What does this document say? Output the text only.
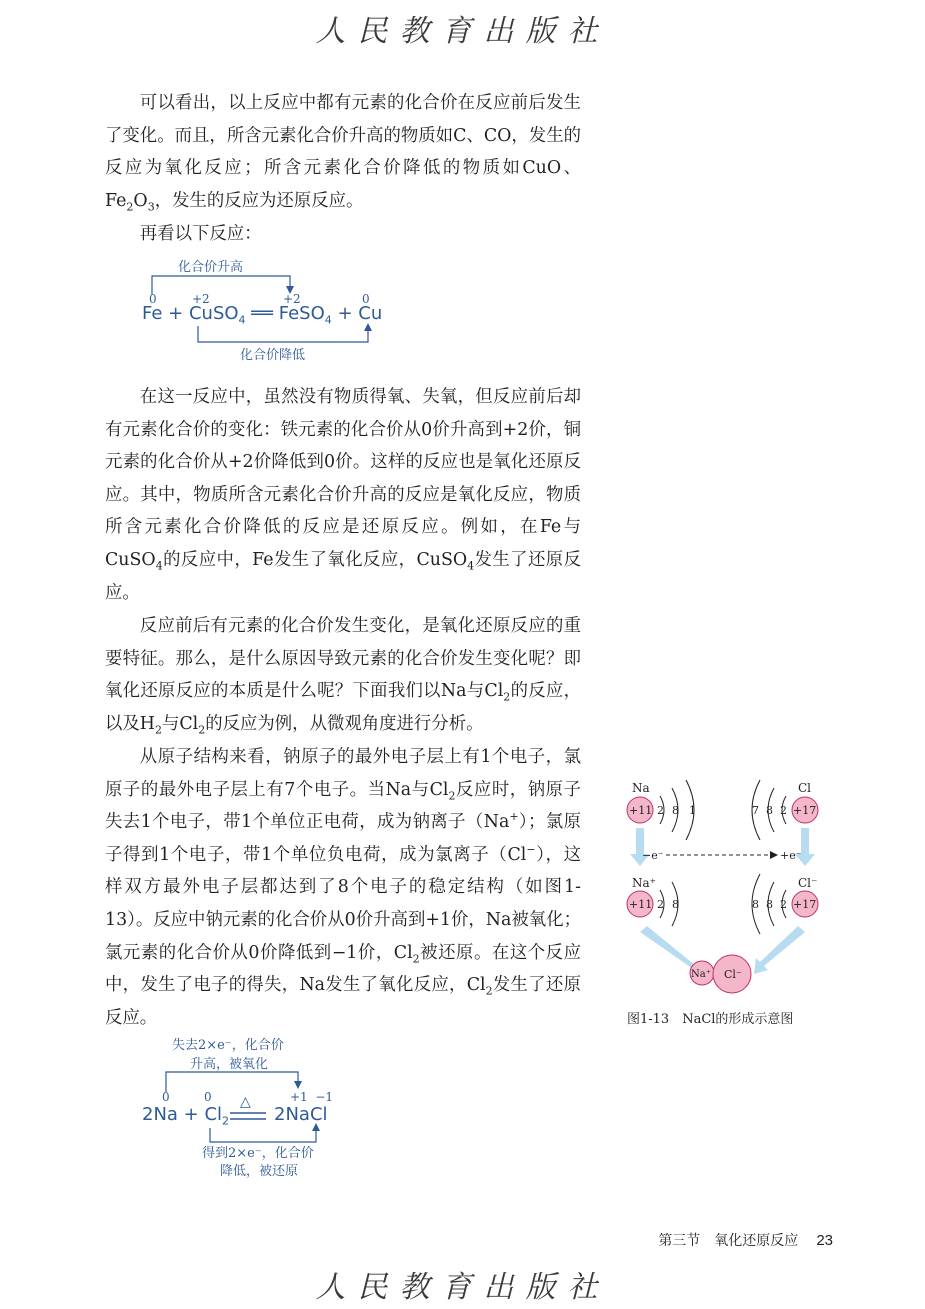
人民教育出版社

可以看出，以上反应中都有元素的化合价在反应前后发生了变化。而且，所含元素化合价升高的物质如C、CO，发生的反应为氧化反应；所含元素化合价降低的物质如CuO、$Fe_2O_3$，发生的反应为还原反应。

再看以下反应：

化合价升高
0	+2	+2	0
Fe + CuSO$_4$ ══ FeSO$_4$ + Cu
化合价降低

在这一反应中，虽然没有物质得氧、失氧，但反应前后却有元素化合价的变化：铁元素的化合价从0价升高到+2价，铜元素的化合价从+2价降低到0价。这样的反应也是氧化还原反应。其中，物质所含元素化合价升高的反应是氧化反应，物质所含元素化合价降低的反应是还原反应。例如，在Fe与CuSO$_4$的反应中，Fe发生了氧化反应，CuSO$_4$发生了还原反应。

反应前后有元素的化合价发生变化，是氧化还原反应的重要特征。那么，是什么原因导致元素的化合价发生变化呢？即氧化还原反应的本质是什么呢？下面我们以Na与$Cl_2$的反应，以及$H_2$与$Cl_2$的反应为例，从微观角度进行分析。

从原子结构来看，钠原子的最外电子层上有1个电子，氯原子的最外电子层上有7个电子。当Na与$Cl_2$反应时，钠原子失去1个电子，带1个单位正电荷，成为钠离子（Na+）；氯原子得到1个电子，带1个单位负电荷，成为氯离子（Cl−），这样双方最外电子层都达到了8个电子的稳定结构（如图1-13）。反应中钠元素的化合价从0价升高到+1价，Na被氧化；氯元素的化合价从0价降低到−1价，$Cl_2$被还原。在这个反应中，发生了电子的得失，Na发生了氧化反应，$Cl_2$发生了还原反应。

失去2×e⁻，化合价
升高，被氧化
0	0	+1  −1
△
$2Na + Cl_2$ 2NaCl
得到2×e⁻，化合价
降低，被还原
Na
+11 2 8 1
Cl
+17
7 8 2
−e⁻	+e⁻
Na⁺
+11 2 8
Cl⁻
+17
8 8 2
Na⁺ Cl⁻
图1-13　NaCl的形成示意图
第三节　氧化还原反应 23
人民教育出版社
